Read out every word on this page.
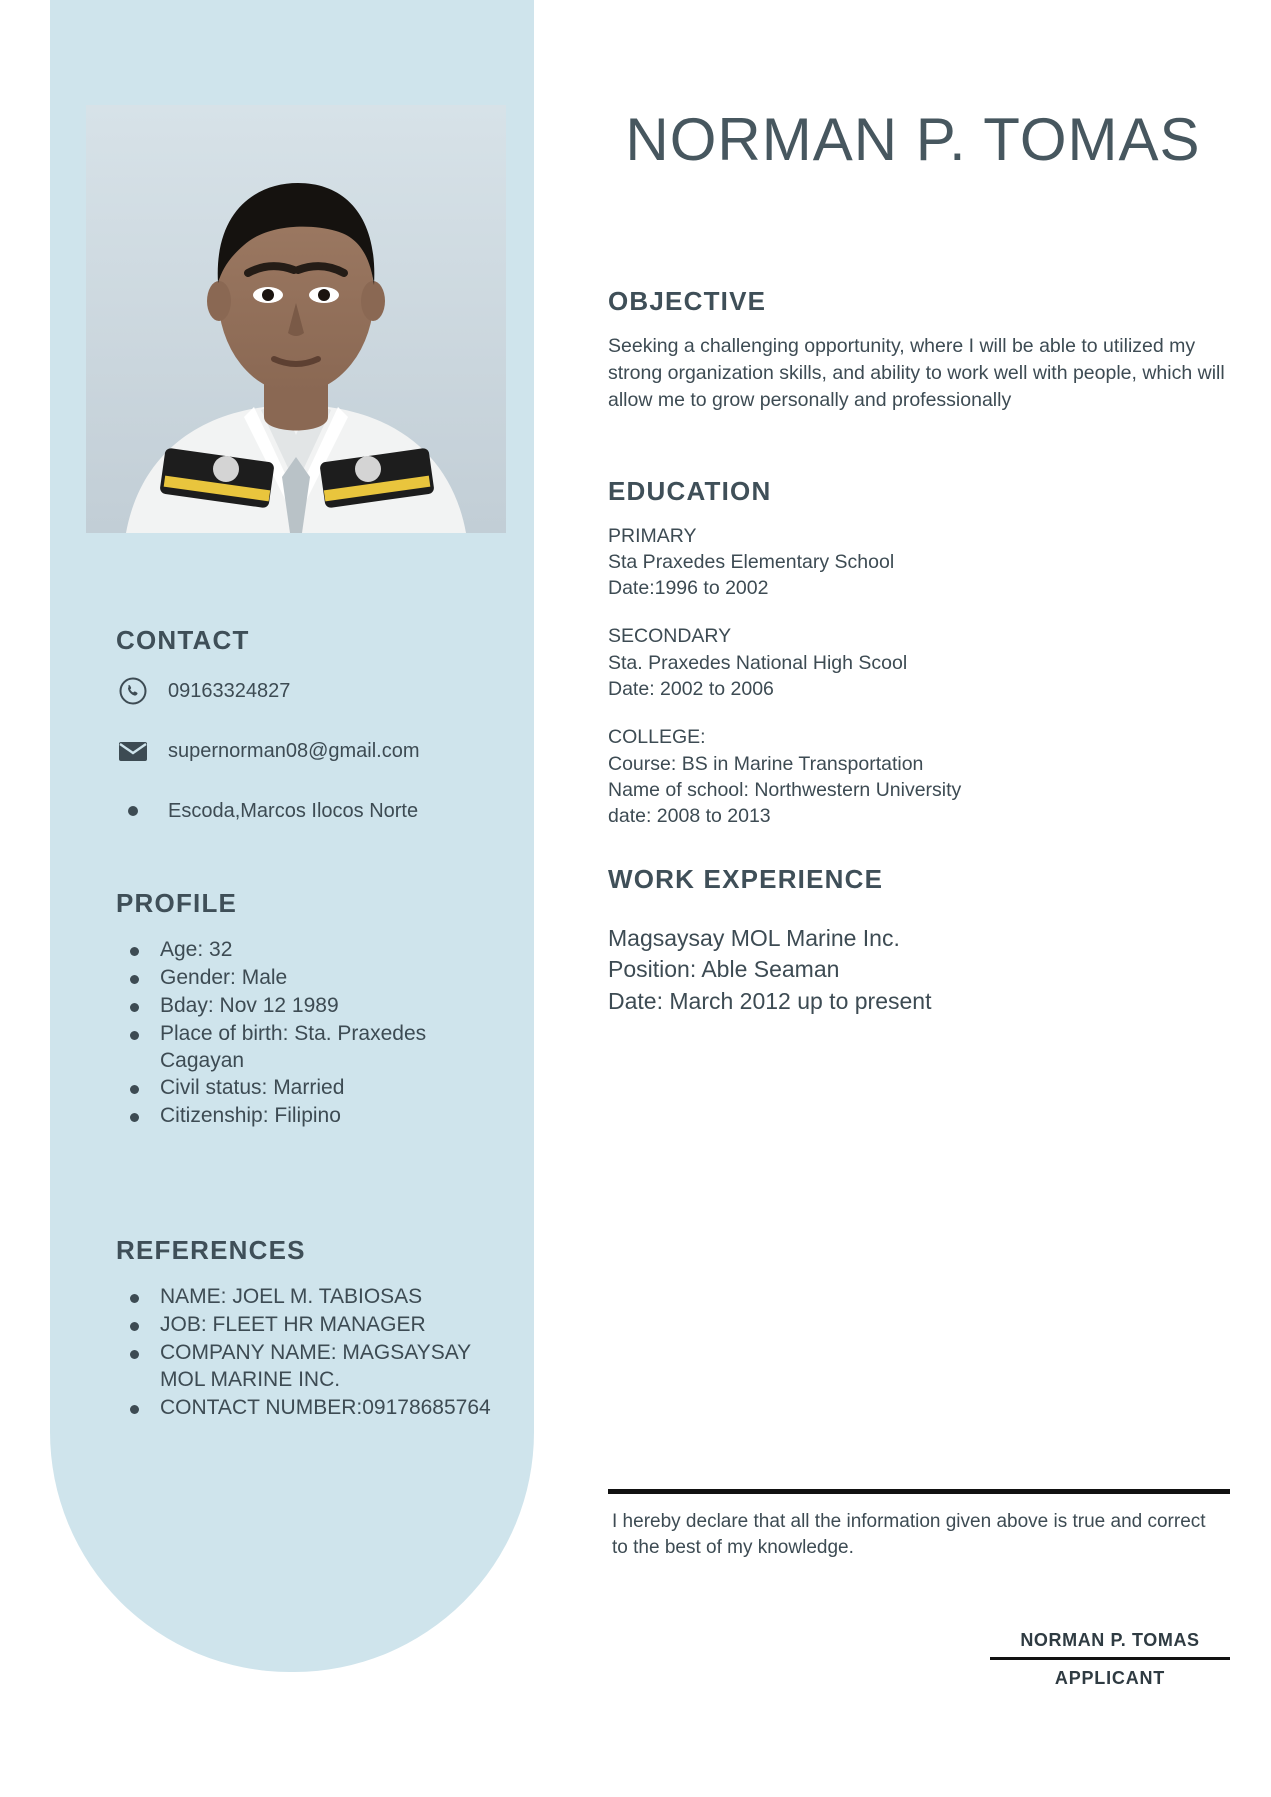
CONTACT
09163324827
supernorman08@gmail.com
Escoda,Marcos Ilocos Norte
PROFILE
Age: 32
Gender: Male
Bday: Nov 12 1989
Place of birth: Sta. Praxedes Cagayan
Civil status: Married
Citizenship: Filipino
REFERENCES
NAME: JOEL M. TABIOSAS
JOB: FLEET HR MANAGER
COMPANY NAME: MAGSAYSAY MOL MARINE INC.
CONTACT NUMBER:09178685764
NORMAN P. TOMAS
OBJECTIVE
Seeking a challenging opportunity, where I will be able to utilized my strong organization skills, and ability to work well with people, which will allow me to grow personally and professionally
EDUCATION
PRIMARY
Sta Praxedes Elementary School
Date:1996 to 2002
SECONDARY
Sta. Praxedes National High Scool
Date: 2002 to 2006
COLLEGE:
Course: BS in Marine Transportation
Name of school: Northwestern University
date: 2008 to 2013
WORK EXPERIENCE
Magsaysay MOL Marine Inc.
Position: Able Seaman
Date: March 2012 up to present
I hereby declare that all the information given above is true and correct to the best of my knowledge.
NORMAN P. TOMAS
APPLICANT
